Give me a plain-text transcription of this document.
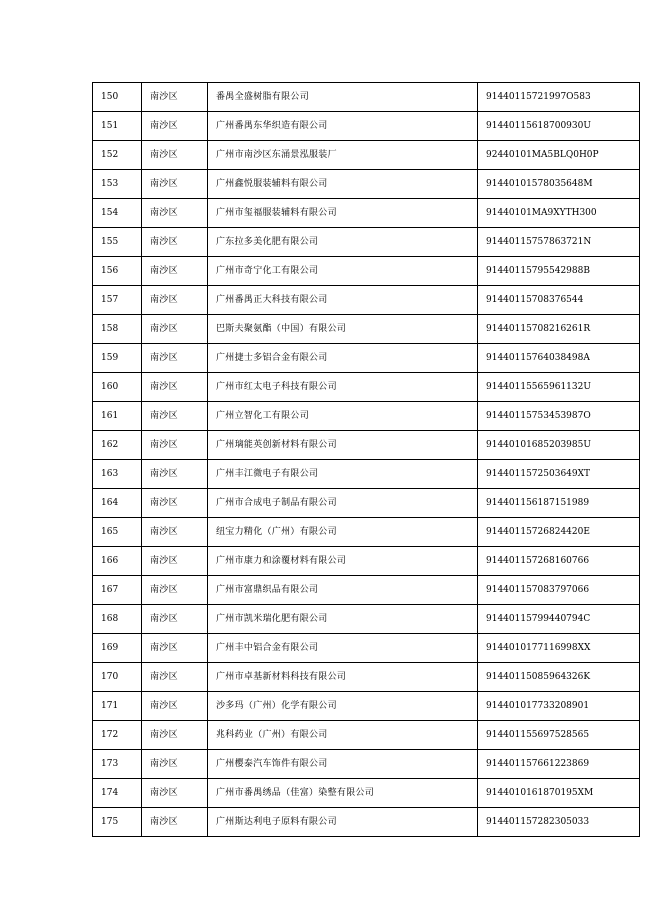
150	南沙区	番禺全盛树脂有限公司	91440115721997O583
151	南沙区	广州番禺东华织造有限公司	91440115618700930U
152	南沙区	广州市南沙区东涌景泓服装厂	92440101MA5BLQ0H0P
153	南沙区	广州鑫悦服装辅料有限公司	91440101578035648M
154	南沙区	广州市玺福服装辅料有限公司	91440101MA9XYTH300
155	南沙区	广东拉多美化肥有限公司	91440115757863721N
156	南沙区	广州市奇宁化工有限公司	91440115795542988B
157	南沙区	广州番禺正大科技有限公司	91440115708376544
158	南沙区	巴斯夫聚氨酯（中国）有限公司	91440115708216261R
159	南沙区	广州捷士多铝合金有限公司	91440115764038498A
160	南沙区	广州市红太电子科技有限公司	91440115565961132U
161	南沙区	广州立智化工有限公司	91440115753453987O
162	南沙区	广州璃能英创新材料有限公司	91440101685203985U
163	南沙区	广州丰江微电子有限公司	9144011572503649XT
164	南沙区	广州市合成电子制品有限公司	914401156187151989
165	南沙区	纽宝力精化（广州）有限公司	91440115726824420E
166	南沙区	广州市康力和涂覆材料有限公司	914401157268160766
167	南沙区	广州市富鼎织品有限公司	914401157083797066
168	南沙区	广州市凯米瑞化肥有限公司	91440115799440794C
169	南沙区	广州丰中铝合金有限公司	9144010177116998XX
170	南沙区	广州市卓基新材料科技有限公司	91440115085964326K
171	南沙区	沙多玛（广州）化学有限公司	914401017733208901
172	南沙区	兆科药业（广州）有限公司	914401155697528565
173	南沙区	广州樱泰汽车饰件有限公司	914401157661223869
174	南沙区	广州市番禺绣品（佳富）染整有限公司	9144010161870195XM
175	南沙区	广州斯达利电子原料有限公司	914401157282305033
